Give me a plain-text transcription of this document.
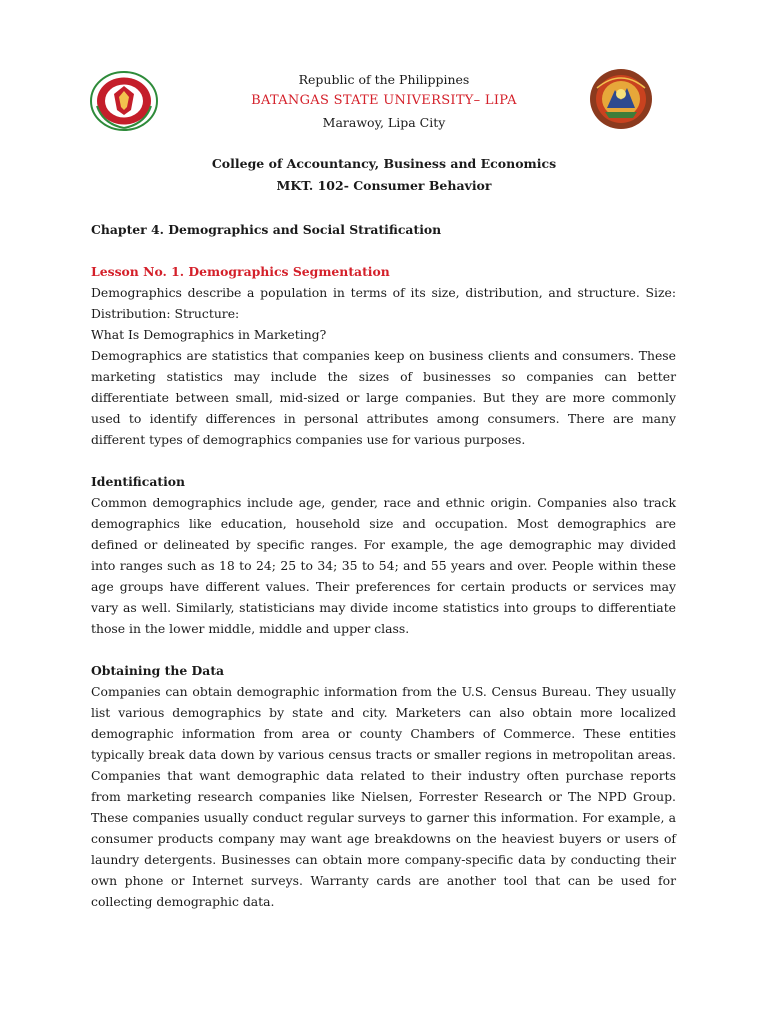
Republic of the Philippines
BATANGAS STATE UNIVERSITY– LIPA
Marawoy, Lipa City
College of Accountancy, Business and Economics
MKT. 102- Consumer Behavior
Chapter 4. Demographics and Social Stratification
Lesson No. 1. Demographics Segmentation

Demographics describe a population in terms of its size, distribution, and structure. Size: Distribution: Structure:

What Is Demographics in Marketing?

Demographics are statistics that companies keep on business clients and consumers. These marketing statistics may include the sizes of businesses so companies can better differentiate between small, mid-sized or large companies. But they are more commonly used to identify differences in personal attributes among consumers. There are many different types of demographics companies use for various purposes.

Identification

Common demographics include age, gender, race and ethnic origin. Companies also track demographics like education, household size and occupation. Most demographics are defined or delineated by specific ranges. For example, the age demographic may divided into ranges such as 18 to 24; 25 to 34; 35 to 54; and 55 years and over. People within these age groups have different values. Their preferences for certain products or services may vary as well. Similarly, statisticians may divide income statistics into groups to differentiate those in the lower middle, middle and upper class.

Obtaining the Data

Companies can obtain demographic information from the U.S. Census Bureau. They usually list various demographics by state and city. Marketers can also obtain more localized demographic information from area or county Chambers of Commerce. These entities typically break data down by various census tracts or smaller regions in metropolitan areas. Companies that want demographic data related to their industry often purchase reports from marketing research companies like Nielsen, Forrester Research or The NPD Group. These companies usually conduct regular surveys to garner this information. For example, a consumer products company may want age breakdowns on the heaviest buyers or users of laundry detergents. Businesses can obtain more company-specific data by conducting their own phone or Internet surveys. Warranty cards are another tool that can be used for collecting demographic data.
